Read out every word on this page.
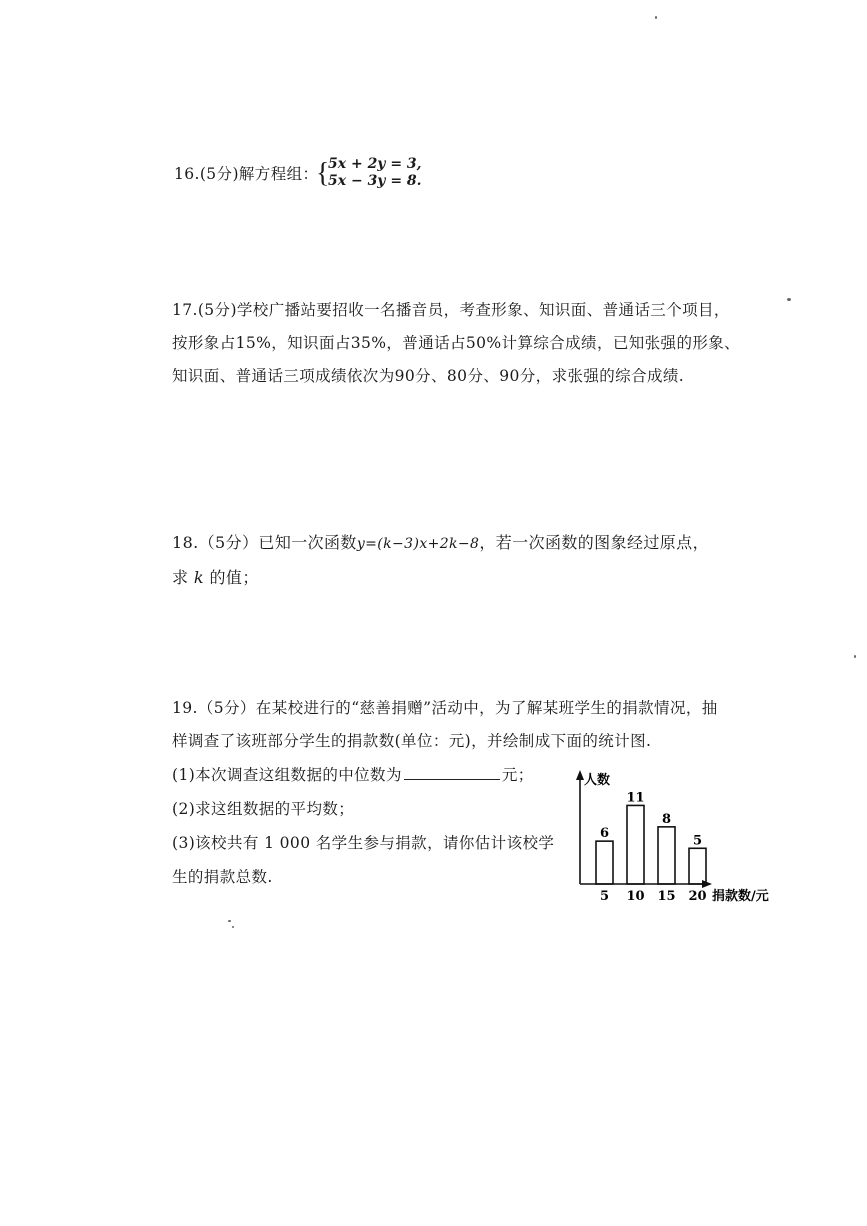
16.(5分)解方程组：
{
5x + 2y = 3,
5x − 3y = 8.
17.(5分)学校广播站要招收一名播音员，考查形象、知识面、普通话三个项目，
按形象占15%，知识面占35%，普通话占50%计算综合成绩，已知张强的形象、
知识面、普通话三项成绩依次为90分、80分、90分，求张强的综合成绩.
18.（5分）已知一次函数y=(k−3)x+2k−8，若一次函数的图象经过原点，
求 k 的值；
19.（5分）在某校进行的“慈善捐赠”活动中，为了解某班学生的捐款情况，抽
样调查了该班部分学生的捐款数(单位：元)，并绘制成下面的统计图.
(1)本次调查这组数据的中位数为	元；
(2)求这组数据的平均数；
(3)该校共有 1 000 名学生参与捐款，请你估计该校学
生的捐款总数.
人数
捐款数/元
6
5
11
10
8
15
5
20
